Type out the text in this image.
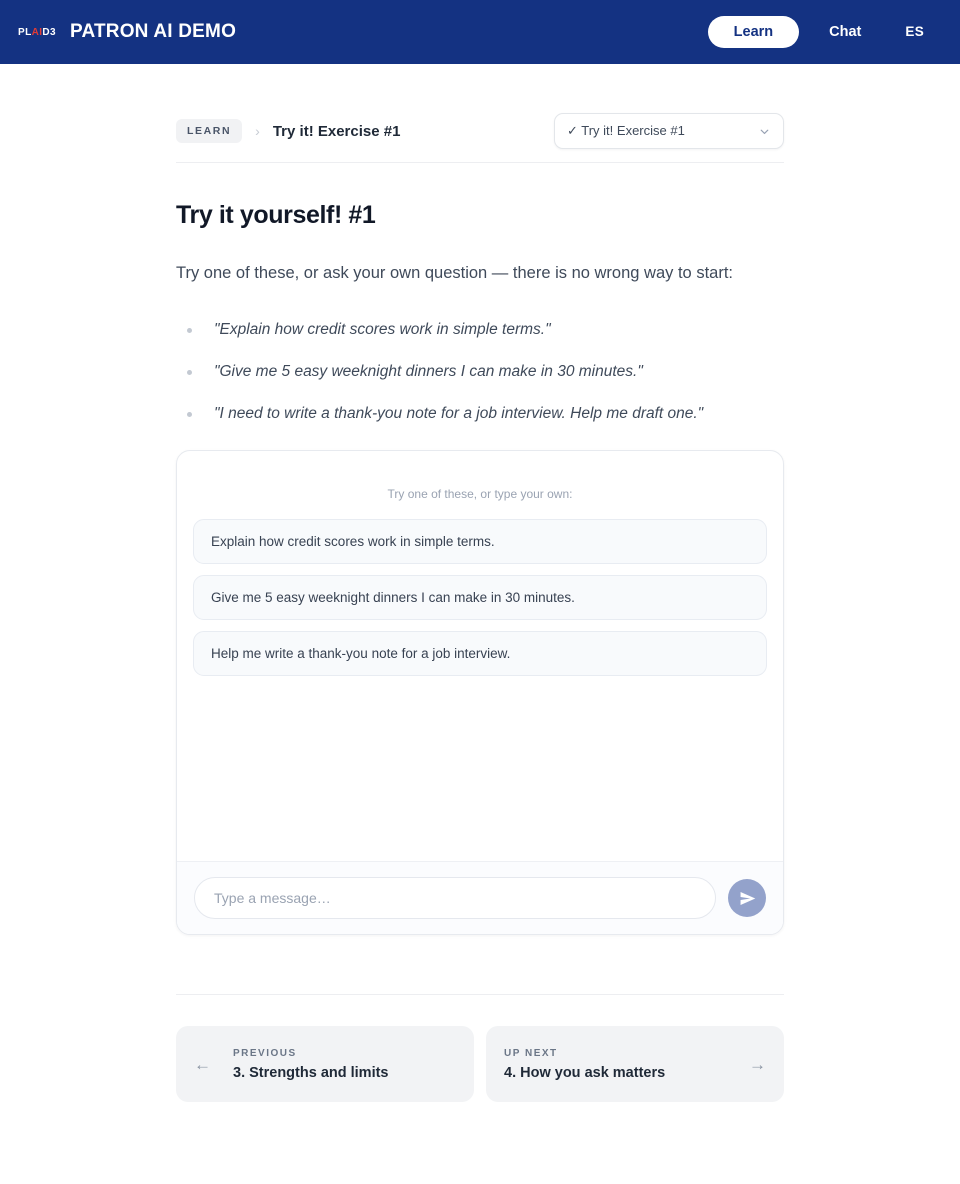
PLAID3 PATRON AI DEMO	Learn	Chat	ES
LEARN	› Try it! Exercise #1	✓ Try it! Exercise #1
Try it yourself! #1

Try one of these, or ask your own question — there is no wrong way to start:

"Explain how credit scores work in simple terms."
"Give me 5 easy weeknight dinners I can make in 30 minutes."
"I need to write a thank-you note for a job interview. Help me draft one."
Try one of these, or type your own:
Explain how credit scores work in simple terms.
Give me 5 easy weeknight dinners I can make in 30 minutes.
Help me write a thank-you note for a job interview.
Type a message…
←
PREVIOUS
3. Strengths and limits
UP NEXT
4. How you ask matters	→
